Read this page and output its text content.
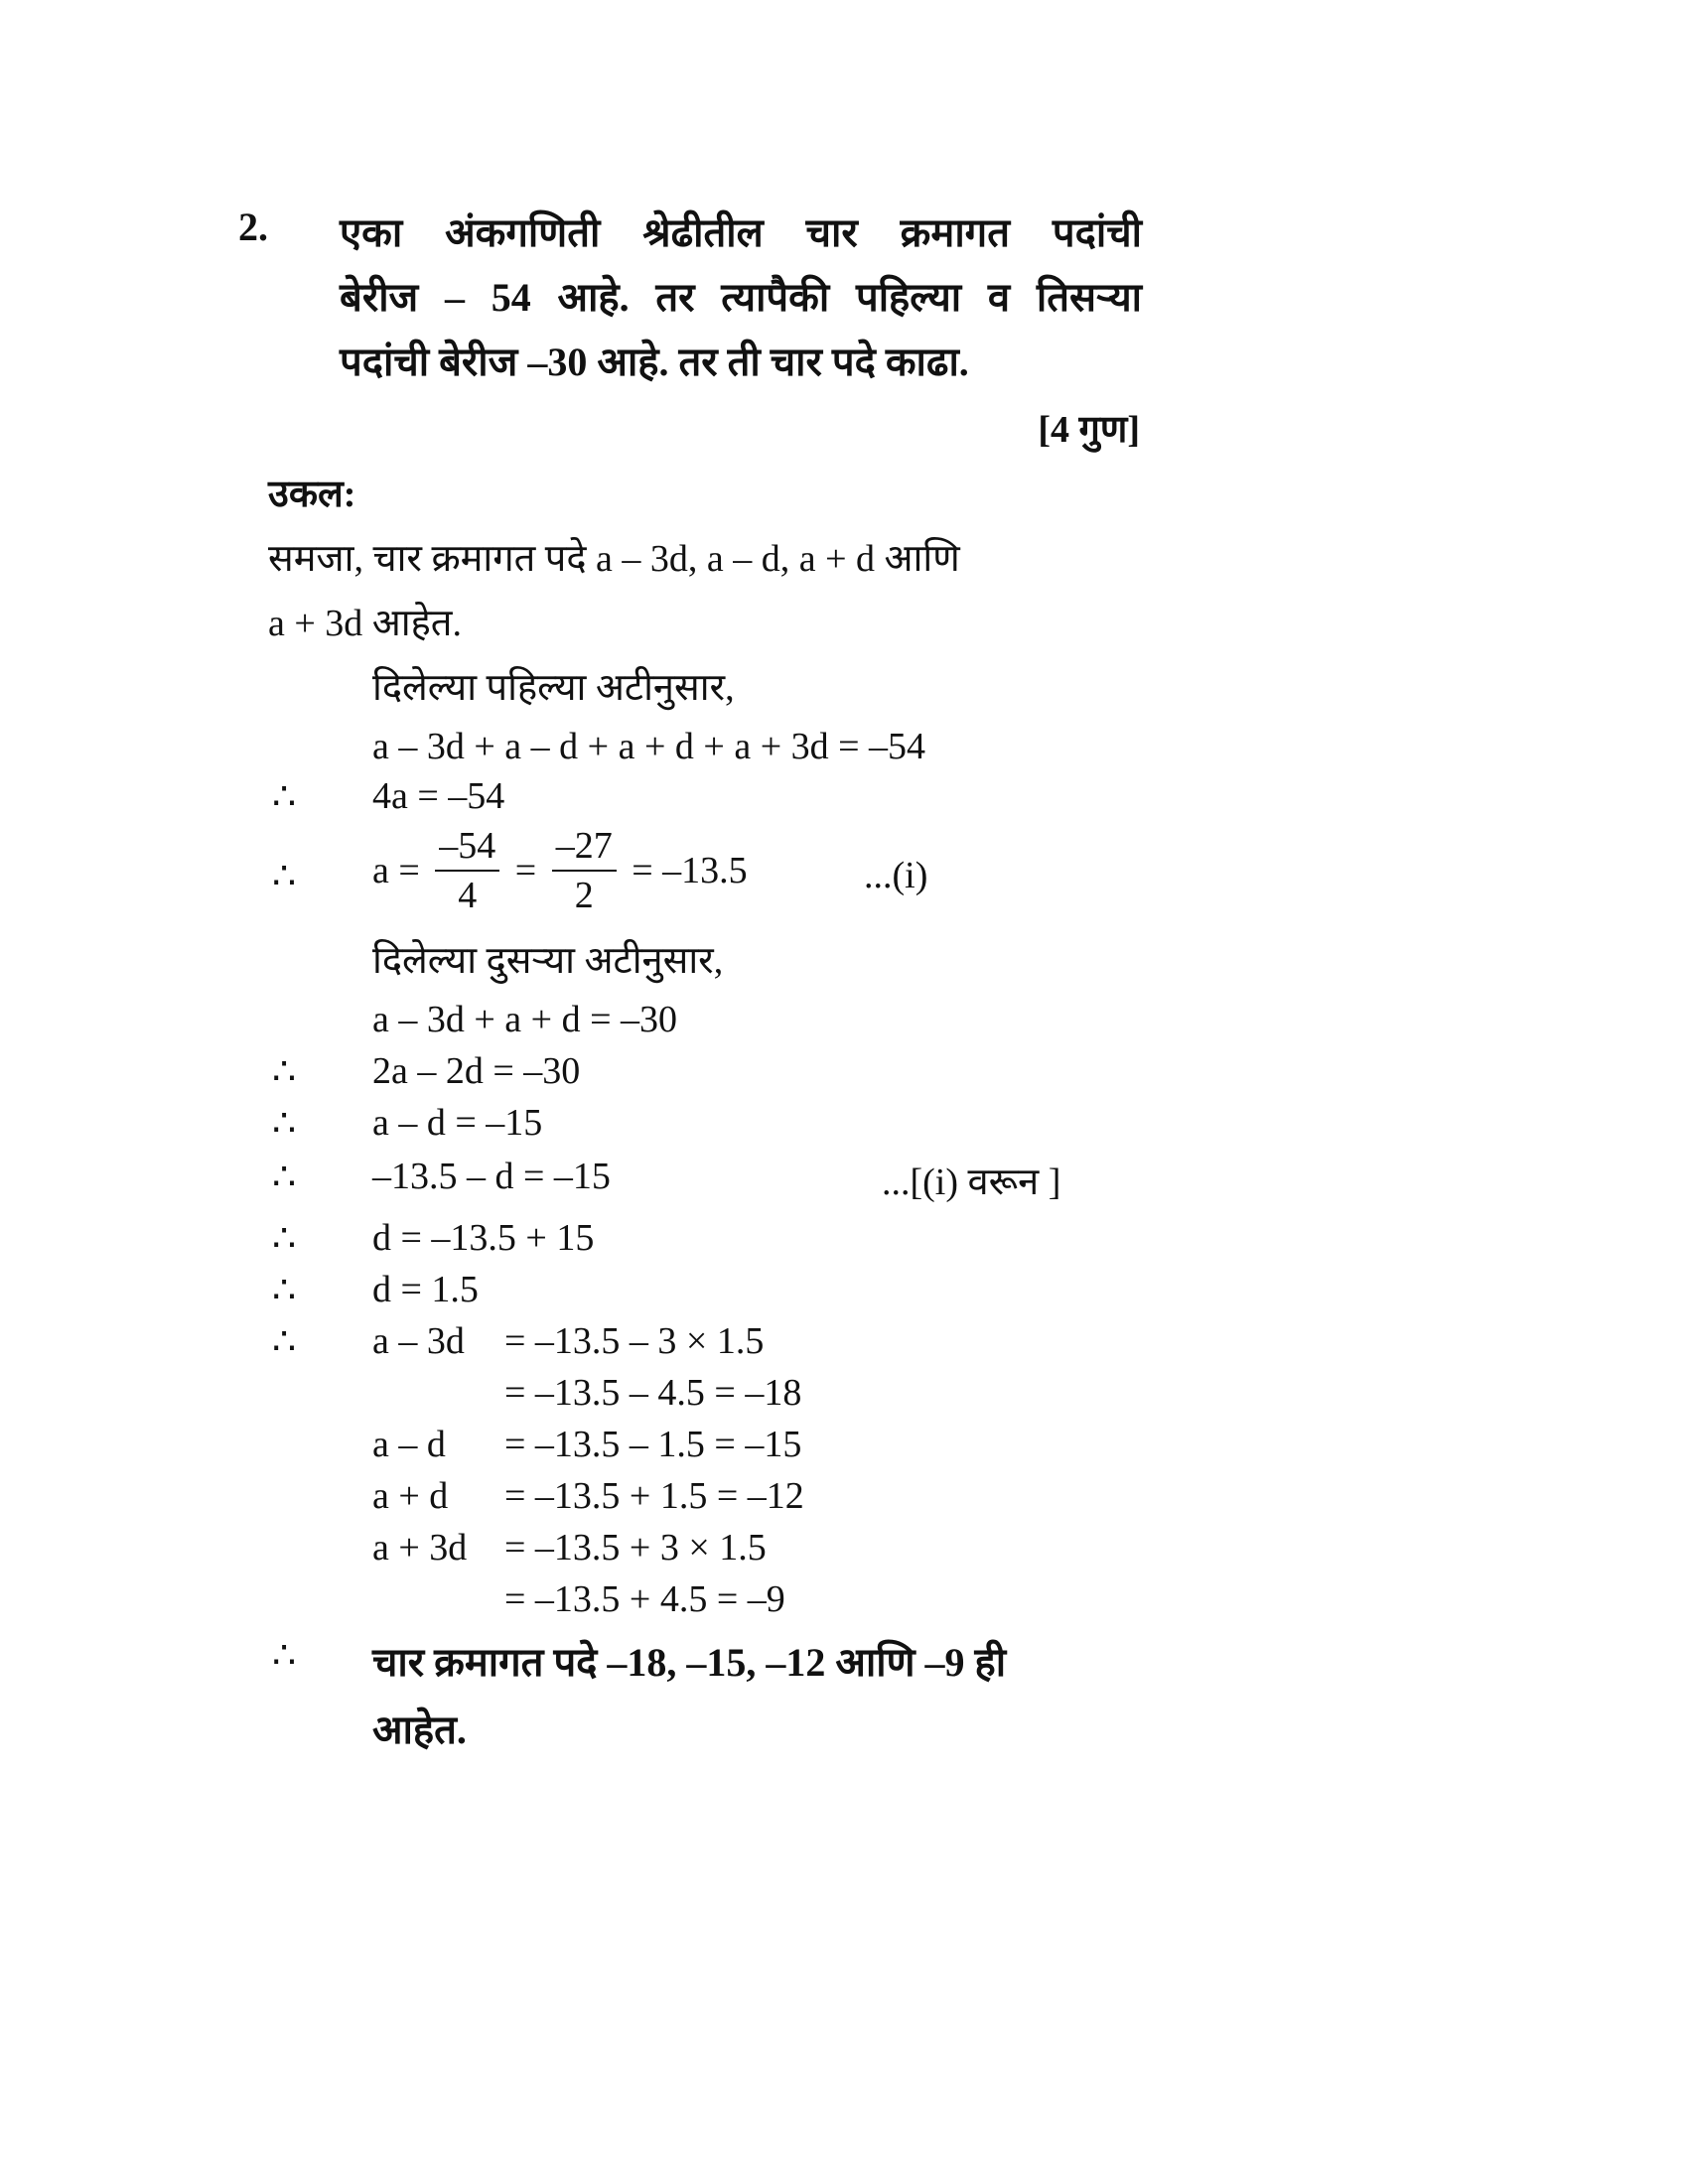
2. एका अंकगणिती श्रेढीतील चार क्रमागत पदांची
बेरीज – 54 आहे. तर त्यापैकी पहिल्या व तिसऱ्या
पदांची बेरीज –30 आहे. तर ती चार पदे काढा.
[4 गुण]
उकल:
समजा, चार क्रमागत पदे a – 3d, a – d, a + d आणि
a + 3d आहेत.
दिलेल्या पहिल्या अटीनुसार,
a – 3d + a – d + a + d + a + 3d = –54
∴ 4a = –54
∴ $a = \frac{-54}{4} = \frac{-27}{2} = -13.5$	...(i)
दिलेल्या दुसऱ्या अटीनुसार,
a – 3d + a + d = –30
∴ 2a – 2d = –30
∴ a – d = –15
∴ –13.5 – d = –15	...[(i) वरून ]
∴ d = –13.5 + 15
∴ d = 1.5
∴ a – 3d = –13.5 – 3 × 1.5
= –13.5 – 4.5 = –18
a – d = –13.5 – 1.5 = –15
a + d = –13.5 + 1.5 = –12
a + 3d = –13.5 + 3 × 1.5
= –13.5 + 4.5 = –9
∴ चार क्रमागत पदे –18, –15, –12 आणि –9 ही
आहेत.
